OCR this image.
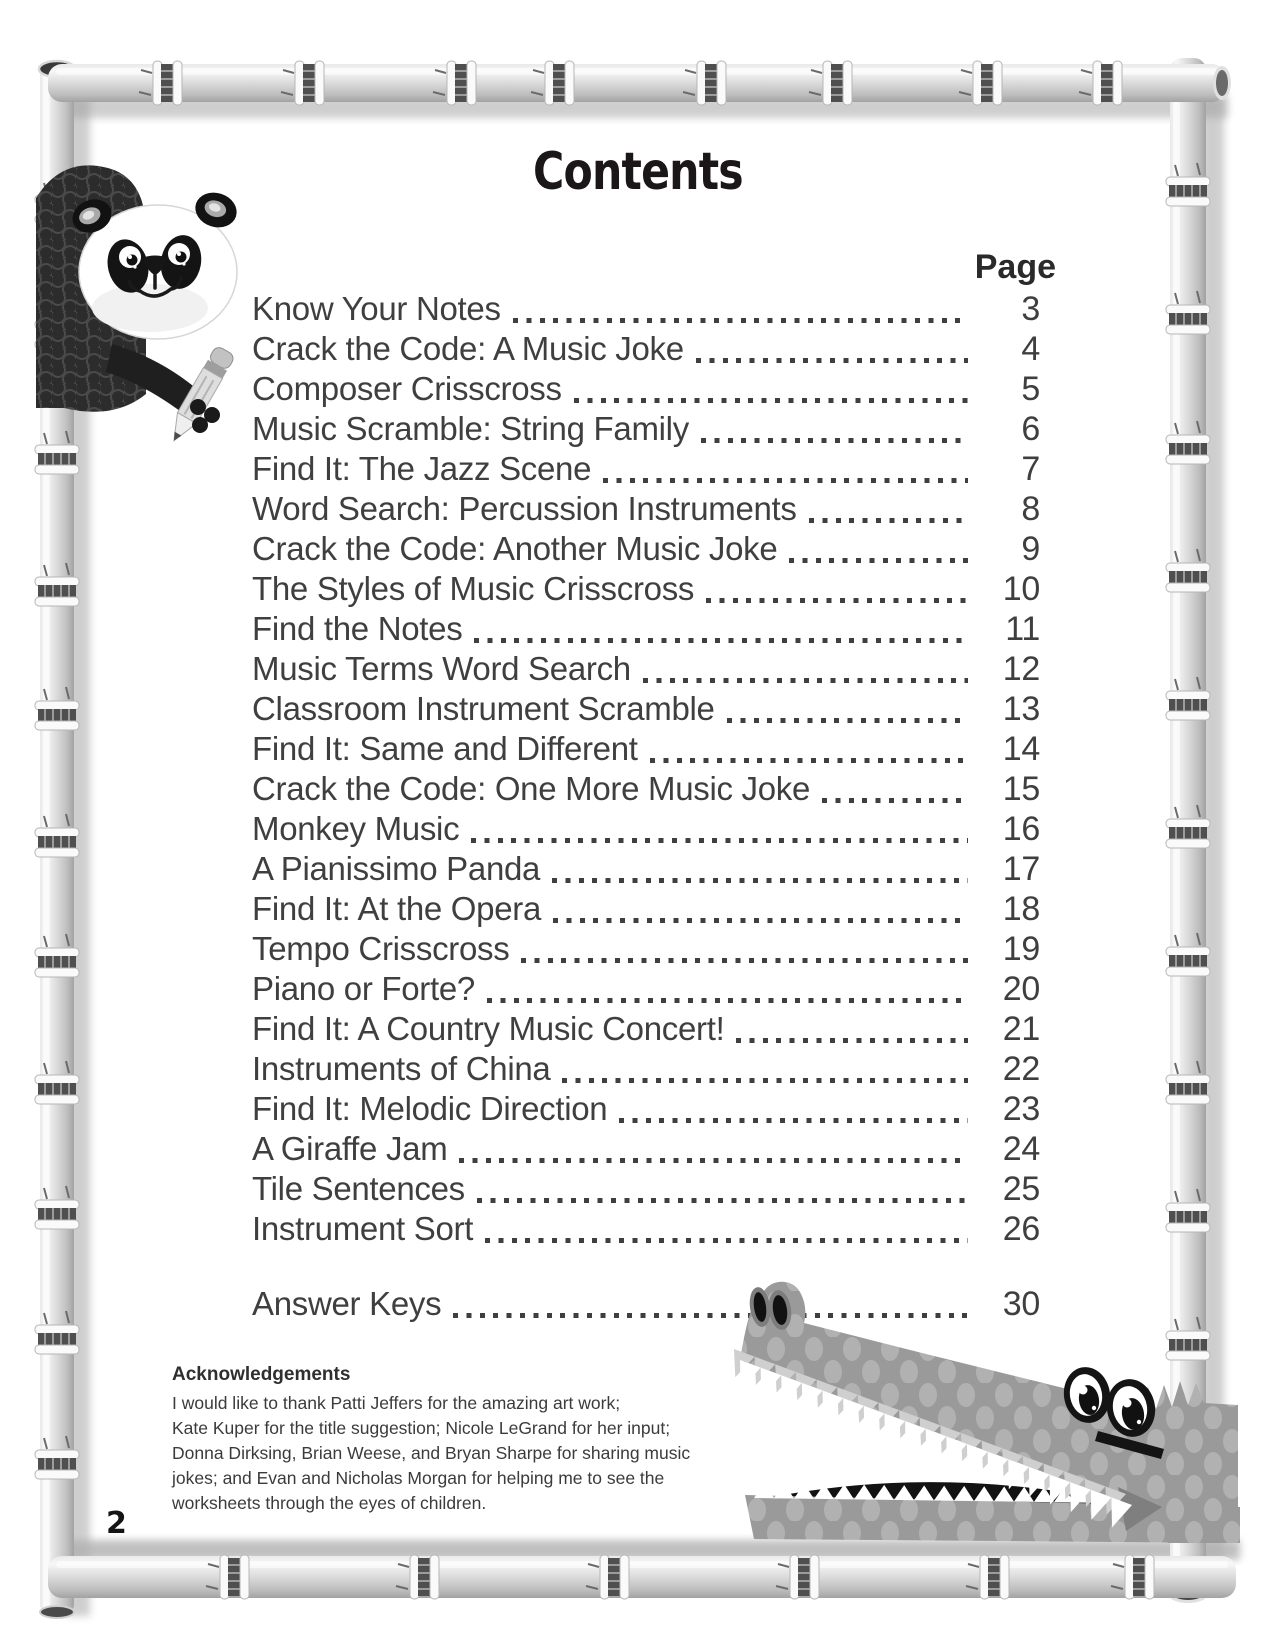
Contents
Page
Know Your Notes	3
Crack the Code: A Music Joke	4
Composer Crisscross	5
Music Scramble: String Family	6
Find It: The Jazz Scene	7
Word Search: Percussion Instruments	8
Crack the Code: Another Music Joke	9
The Styles of Music Crisscross	10
Find the Notes	11
Music Terms Word Search	12
Classroom Instrument Scramble	13
Find It: Same and Different	14
Crack the Code: One More Music Joke	15
Monkey Music	16
A Pianissimo Panda	17
Find It: At the Opera	18
Tempo Crisscross	19
Piano or Forte?	20
Find It: A Country Music Concert!	21
Instruments of China	22
Find It: Melodic Direction	23
A Giraffe Jam	24
Tile Sentences	25
Instrument Sort	26
Answer Keys	30
Acknowledgements
I would like to thank Patti Jeffers for the amazing art work;
Kate Kuper for the title suggestion; Nicole LeGrand for her input;
Donna Dirksing, Brian Weese, and Bryan Sharpe for sharing music
jokes; and Evan and Nicholas Morgan for helping me to see the
worksheets through the eyes of children.
2
